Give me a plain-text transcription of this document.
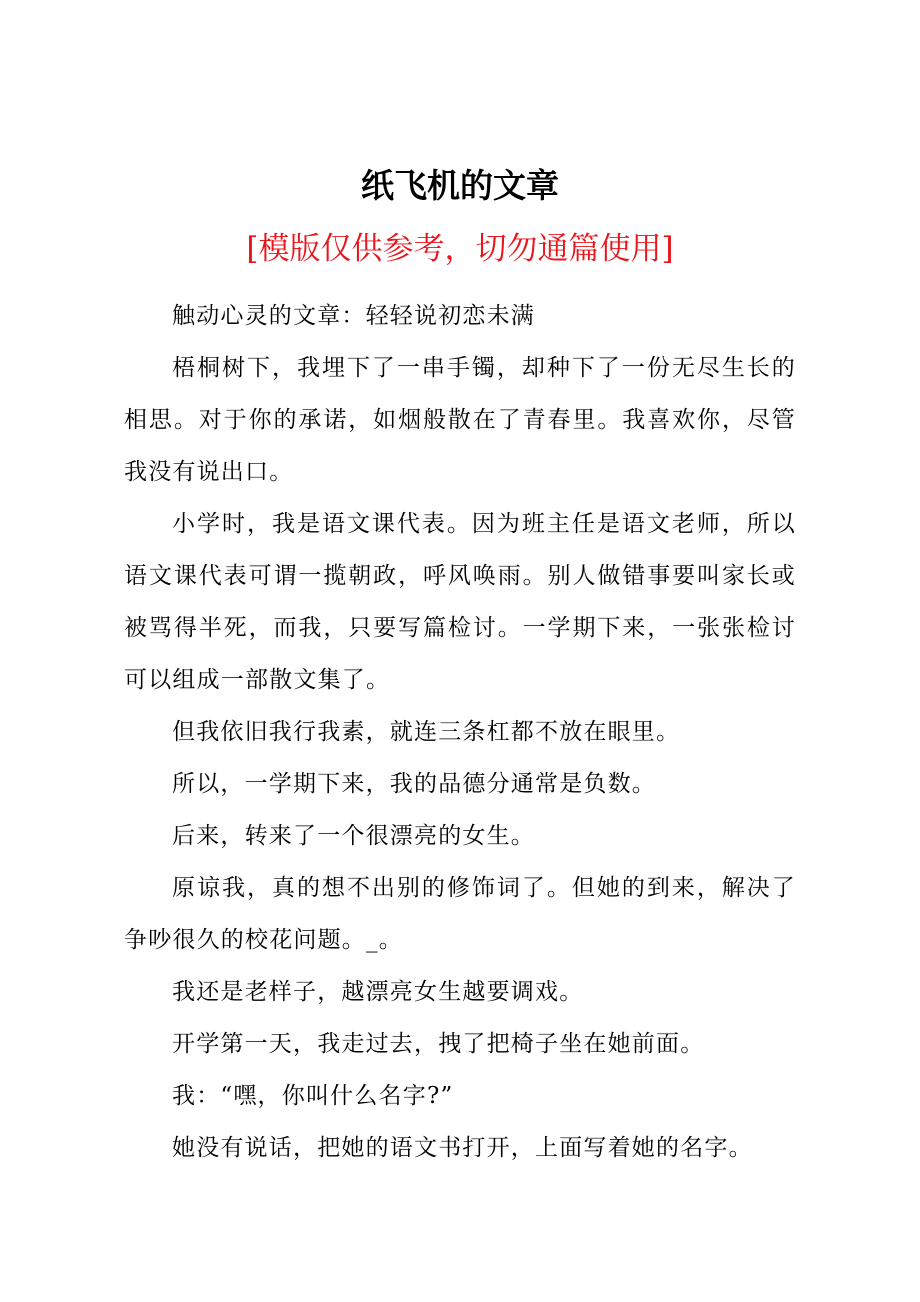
纸飞机的文章
[模版仅供参考，切勿通篇使用]

触动心灵的文章：轻轻说初恋未满

梧桐树下，我埋下了一串手镯，却种下了一份无尽生长的相思。对于你的承诺，如烟般散在了青春里。我喜欢你，尽管我没有说出口。

小学时，我是语文课代表。因为班主任是语文老师，所以语文课代表可谓一揽朝政，呼风唤雨。别人做错事要叫家长或被骂得半死，而我，只要写篇检讨。一学期下来，一张张检讨可以组成一部散文集了。

但我依旧我行我素，就连三条杠都不放在眼里。

所以，一学期下来，我的品德分通常是负数。

后来，转来了一个很漂亮的女生。

原谅我，真的想不出别的修饰词了。但她的到来，解决了争吵很久的校花问题。_。

我还是老样子，越漂亮女生越要调戏。

开学第一天，我走过去，拽了把椅子坐在她前面。

我：“嘿，你叫什么名字?”

她没有说话，把她的语文书打开，上面写着她的名字。
